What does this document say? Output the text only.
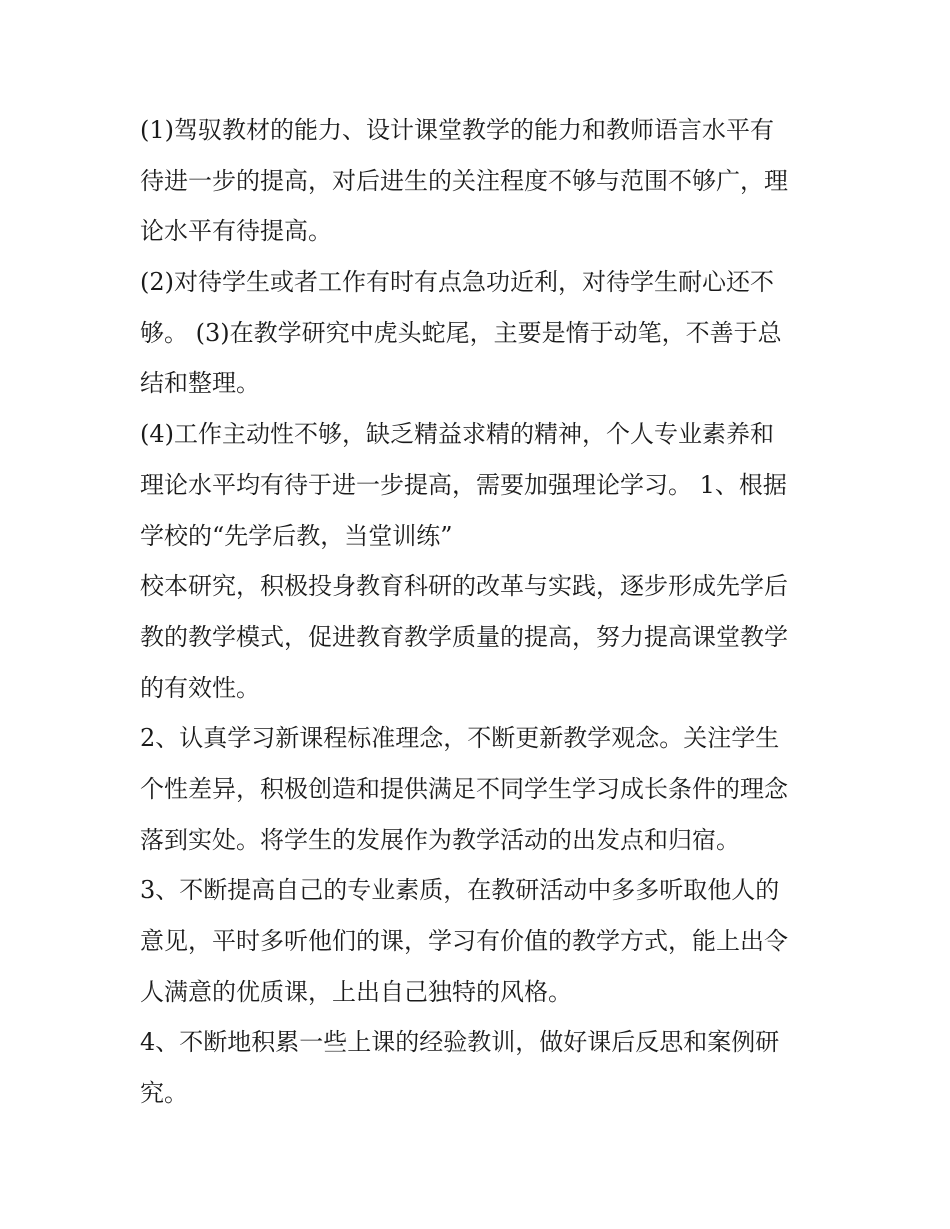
(1)驾驭教材的能力、设计课堂教学的能力和教师语言水平有
待进一步的提高，对后进生的关注程度不够与范围不够广，理
论水平有待提高。
(2)对待学生或者工作有时有点急功近利，对待学生耐心还不
够。 (3)在教学研究中虎头蛇尾，主要是惰于动笔，不善于总
结和整理。
(4)工作主动性不够，缺乏精益求精的精神，个人专业素养和
理论水平均有待于进一步提高，需要加强理论学习。 1、根据
学校的“先学后教，当堂训练”
校本研究，积极投身教育科研的改革与实践，逐步形成先学后
教的教学模式，促进教育教学质量的提高，努力提高课堂教学
的有效性。
2、认真学习新课程标准理念，不断更新教学观念。关注学生
个性差异，积极创造和提供满足不同学生学习成长条件的理念
落到实处。将学生的发展作为教学活动的出发点和归宿。
3、不断提高自己的专业素质，在教研活动中多多听取他人的
意见，平时多听他们的课，学习有价值的教学方式，能上出令
人满意的优质课，上出自己独特的风格。
4、不断地积累一些上课的经验教训，做好课后反思和案例研
究。
